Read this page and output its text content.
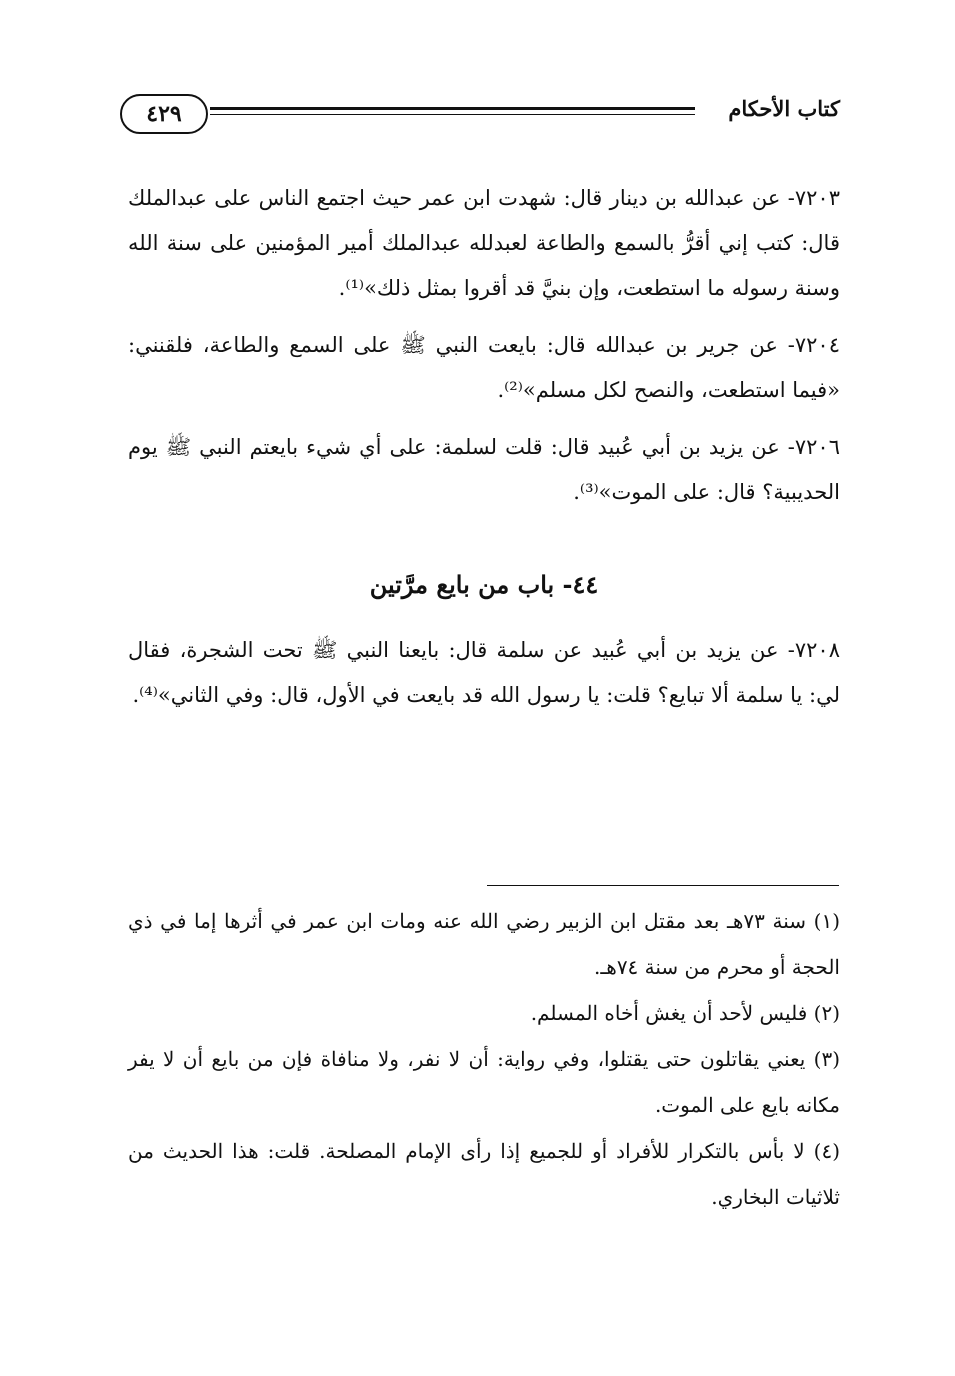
كتاب الأحكام
٤٢٩

٧٢٠٣- عن عبدالله بن دينار قال: شهدت ابن عمر حيث اجتمع الناس على عبدالملك قال: كتب إني أقرُّ بالسمع والطاعة لعبدلله عبدالملك أمير المؤمنين على سنة الله وسنة رسوله ما استطعت، وإن بنيَّ قد أقروا بمثل ذلك»⁽¹⁾.

٧٢٠٤- عن جرير بن عبدالله قال: بايعت النبي ﷺ على السمع والطاعة، فلقنني: «فيما استطعت، والنصح لكل مسلم»⁽²⁾.

٧٢٠٦- عن يزيد بن أبي عُبيد قال: قلت لسلمة: على أي شيء بايعتم النبي ﷺ يوم الحديبية؟ قال: على الموت»⁽³⁾.

٤٤- باب من بايع مرَّتين

٧٢٠٨- عن يزيد بن أبي عُبيد عن سلمة قال: بايعنا النبي ﷺ تحت الشجرة، فقال لي: يا سلمة ألا تبايع؟ قلت: يا رسول الله قد بايعت في الأول، قال: وفي الثاني»⁽⁴⁾.

(١) سنة ٧٣هـ بعد مقتل ابن الزبير رضي الله عنه ومات ابن عمر في أثرها إما في ذي الحجة أو محرم من سنة ٧٤هـ.

(٢) فليس لأحد أن يغش أخاه المسلم.

(٣) يعني يقاتلون حتى يقتلوا، وفي رواية: أن لا نفر، ولا منافاة فإن من بايع أن لا يفر مكانه بايع على الموت.

(٤) لا بأس بالتكرار للأفراد أو للجميع إذا رأى الإمام المصلحة. قلت: هذا الحديث من ثلاثيات البخاري.
